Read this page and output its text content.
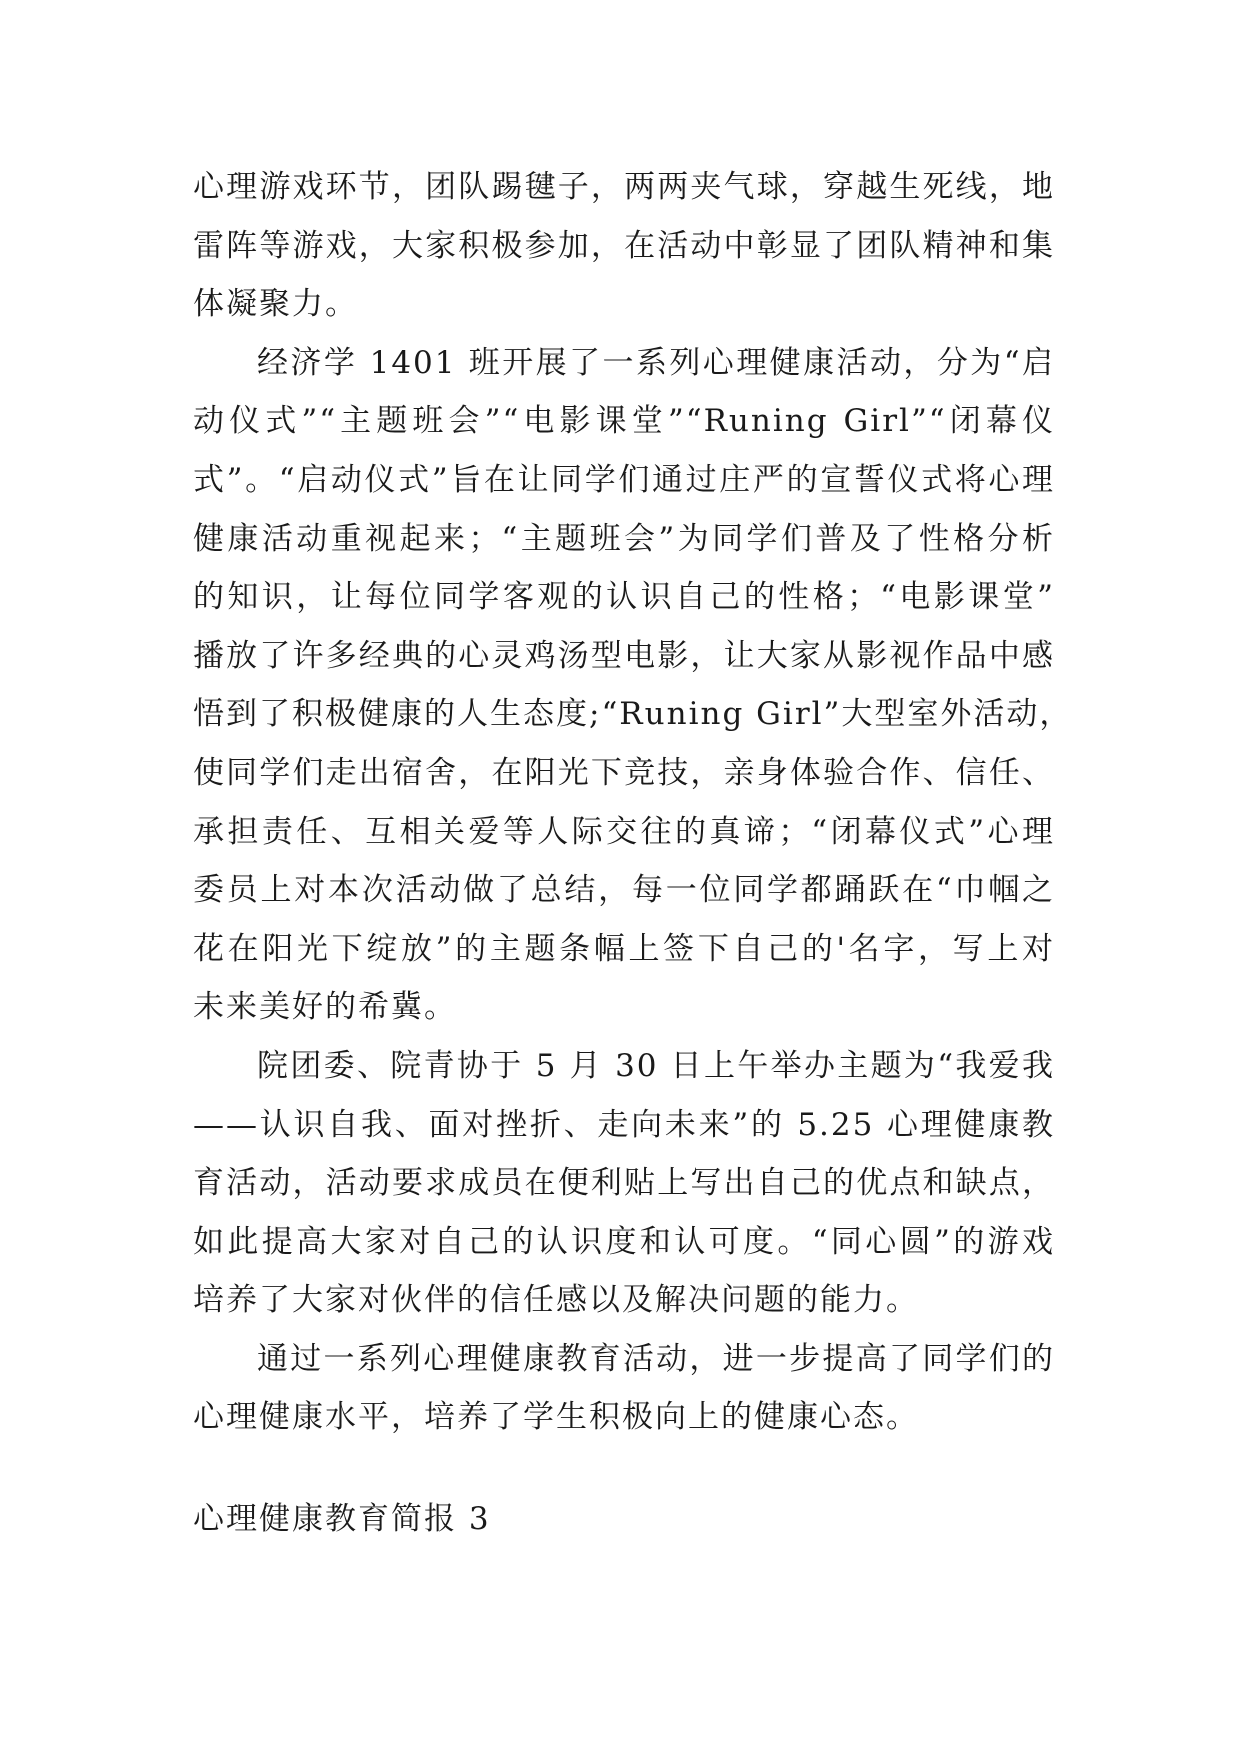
心理游戏环节，团队踢毽子，两两夹气球，穿越生死线，地
雷阵等游戏，大家积极参加，在活动中彰显了团队精神和集
体凝聚力。
经济学 1401 班开展了一系列心理健康活动，分为“启
动仪式”“主题班会”“电影课堂”“Runing Girl”“闭幕仪
式”。“启动仪式”旨在让同学们通过庄严的宣誓仪式将心理
健康活动重视起来；“主题班会”为同学们普及了性格分析
的知识，让每位同学客观的认识自己的性格；“电影课堂”
播放了许多经典的心灵鸡汤型电影，让大家从影视作品中感
悟到了积极健康的人生态度;“Runing Girl”大型室外活动，
使同学们走出宿舍，在阳光下竞技，亲身体验合作、信任、
承担责任、互相关爱等人际交往的真谛；“闭幕仪式”心理
委员上对本次活动做了总结，每一位同学都踊跃在“巾帼之
花在阳光下绽放”的主题条幅上签下自己的'名字，写上对
未来美好的希冀。
院团委、院青协于 5 月 30 日上午举办主题为“我爱我
——认识自我、面对挫折、走向未来”的 5.25 心理健康教
育活动，活动要求成员在便利贴上写出自己的优点和缺点，
如此提高大家对自己的认识度和认可度。“同心圆”的游戏
培养了大家对伙伴的信任感以及解决问题的能力。
通过一系列心理健康教育活动，进一步提高了同学们的
心理健康水平，培养了学生积极向上的健康心态。
心理健康教育简报 3
